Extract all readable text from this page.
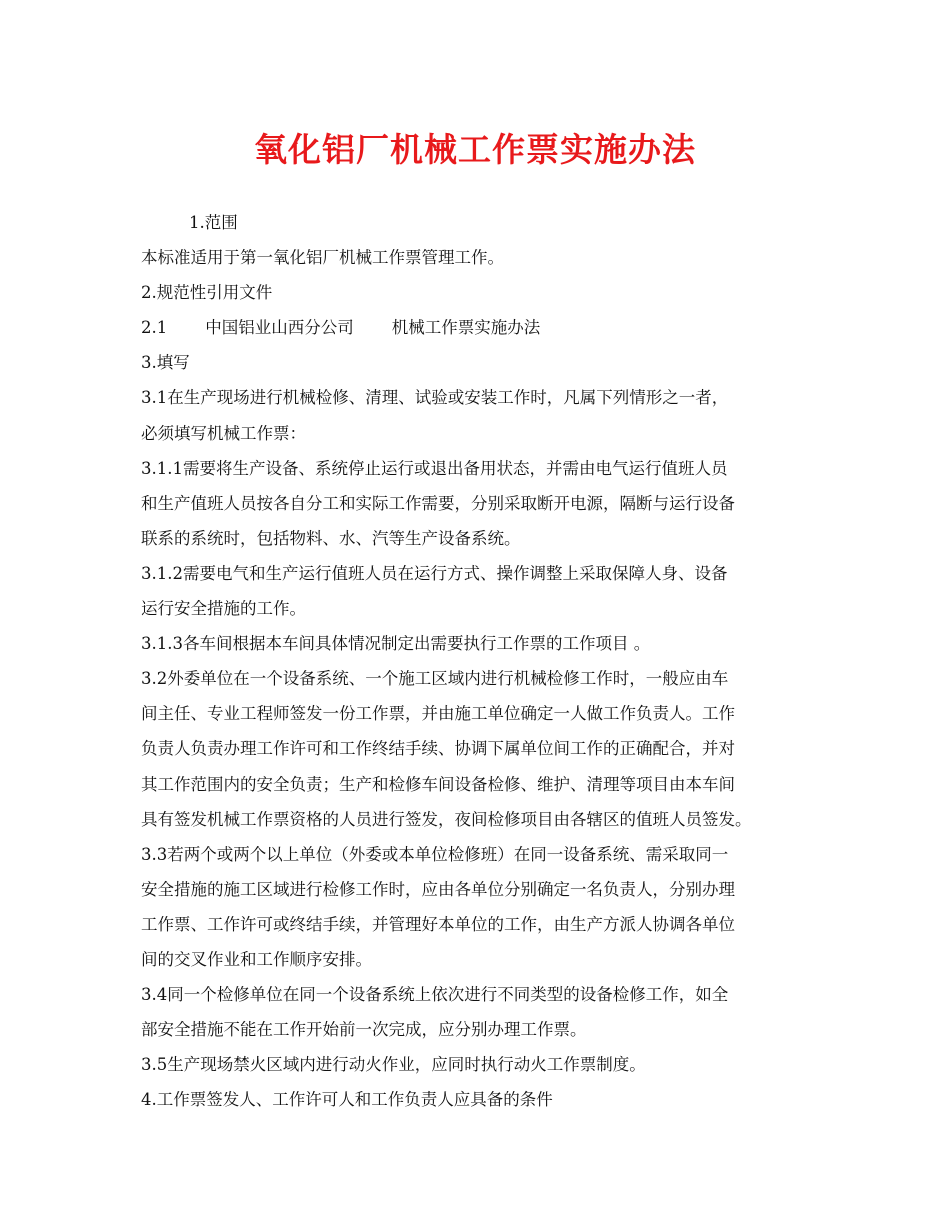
氧化铝厂机械工作票实施办法
1.范围
本标准适用于第一氧化铝厂机械工作票管理工作。
2.规范性引用文件
2.1 中国铝业山西分公司 机械工作票实施办法
3.填写
3.1在生产现场进行机械检修、清理、试验或安装工作时，凡属下列情形之一者，
必须填写机械工作票：
3.1.1需要将生产设备、系统停止运行或退出备用状态，并需由电气运行值班人员
和生产值班人员按各自分工和实际工作需要，分别采取断开电源，隔断与运行设备
联系的系统时，包括物料、水、汽等生产设备系统。
3.1.2需要电气和生产运行值班人员在运行方式、操作调整上采取保障人身、设备
运行安全措施的工作。
3.1.3各车间根据本车间具体情况制定出需要执行工作票的工作项目 。
3.2外委单位在一个设备系统、一个施工区域内进行机械检修工作时，一般应由车
间主任、专业工程师签发一份工作票，并由施工单位确定一人做工作负责人。工作
负责人负责办理工作许可和工作终结手续、协调下属单位间工作的正确配合，并对
其工作范围内的安全负责；生产和检修车间设备检修、维护、清理等项目由本车间
具有签发机械工作票资格的人员进行签发，夜间检修项目由各辖区的值班人员签发。
3.3若两个或两个以上单位（外委或本单位检修班）在同一设备系统、需采取同一
安全措施的施工区域进行检修工作时，应由各单位分别确定一名负责人，分别办理
工作票、工作许可或终结手续，并管理好本单位的工作，由生产方派人协调各单位
间的交叉作业和工作顺序安排。
3.4同一个检修单位在同一个设备系统上依次进行不同类型的设备检修工作，如全
部安全措施不能在工作开始前一次完成，应分别办理工作票。
3.5生产现场禁火区域内进行动火作业，应同时执行动火工作票制度。
4.工作票签发人、工作许可人和工作负责人应具备的条件
